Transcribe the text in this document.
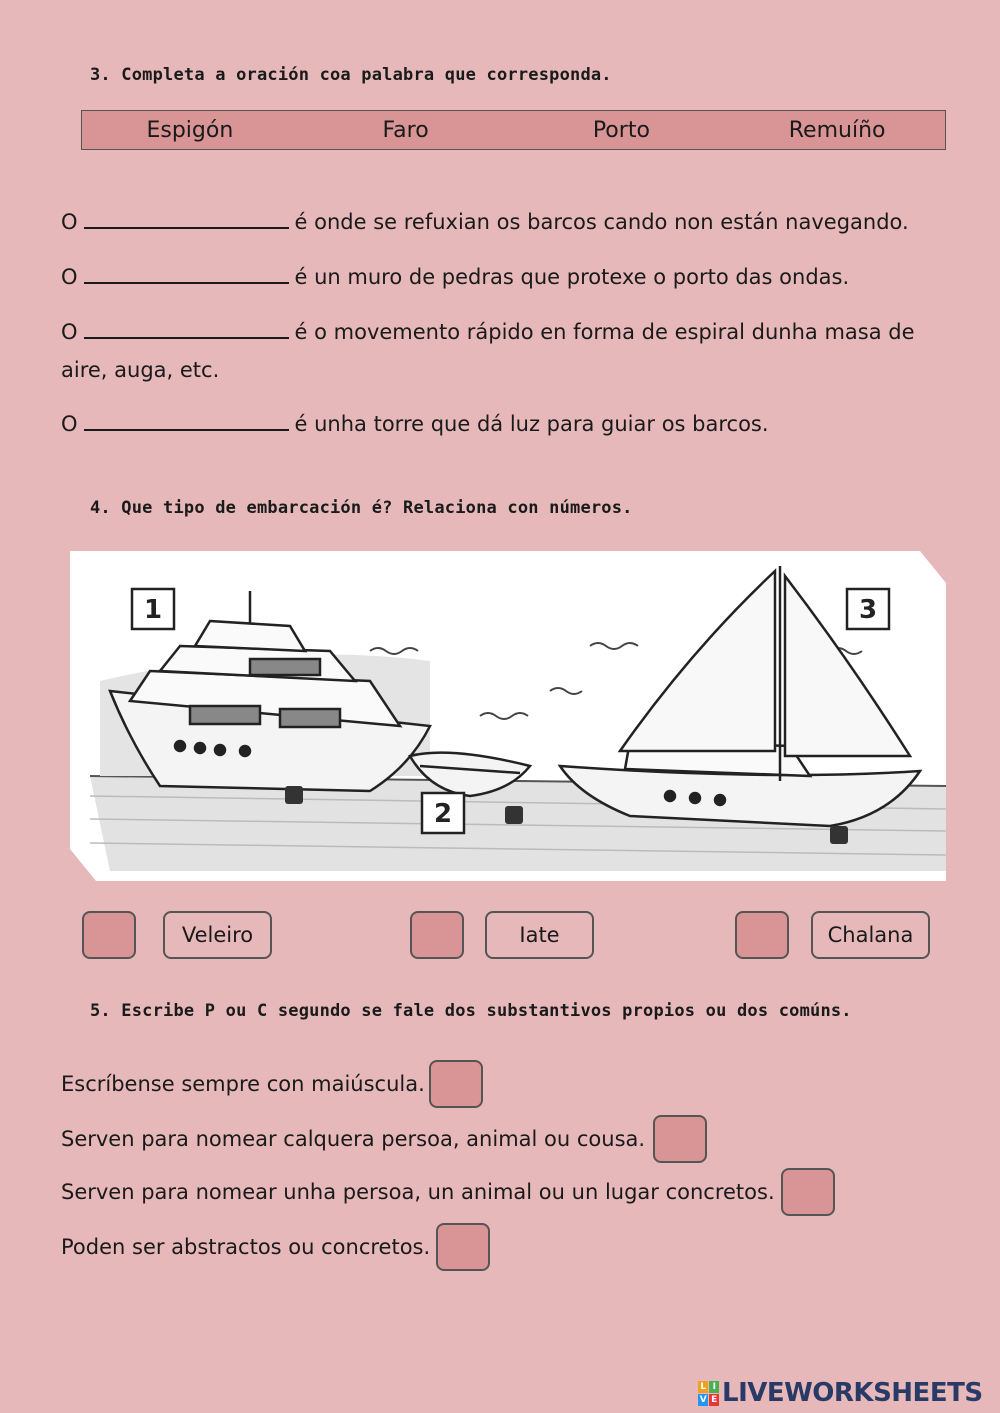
3. Completa a oración coa palabra que corresponda.
Espigón	Faro	Porto	Remuíño
O	é onde se refuxian os barcos cando non están navegando.
O	é un muro de pedras que protexe o porto das ondas.
O	é o movemento rápido en forma de espiral dunha masa de aire, auga, etc.
O	é unha torre que dá luz para guiar os barcos.
4. Que tipo de embarcación é? Relaciona con números.
1
2
3
Veleiro	Iate	Chalana
5. Escribe P ou C segundo se fale dos substantivos propios ou dos comúns.
Escríbense sempre con maiúscula.
Serven para nomear calquera persoa, animal ou cousa.
Serven para nomear unha persoa, un animal ou un lugar concretos.
Poden ser abstractos ou concretos.
L I
V E LIVEWORKSHEETS
